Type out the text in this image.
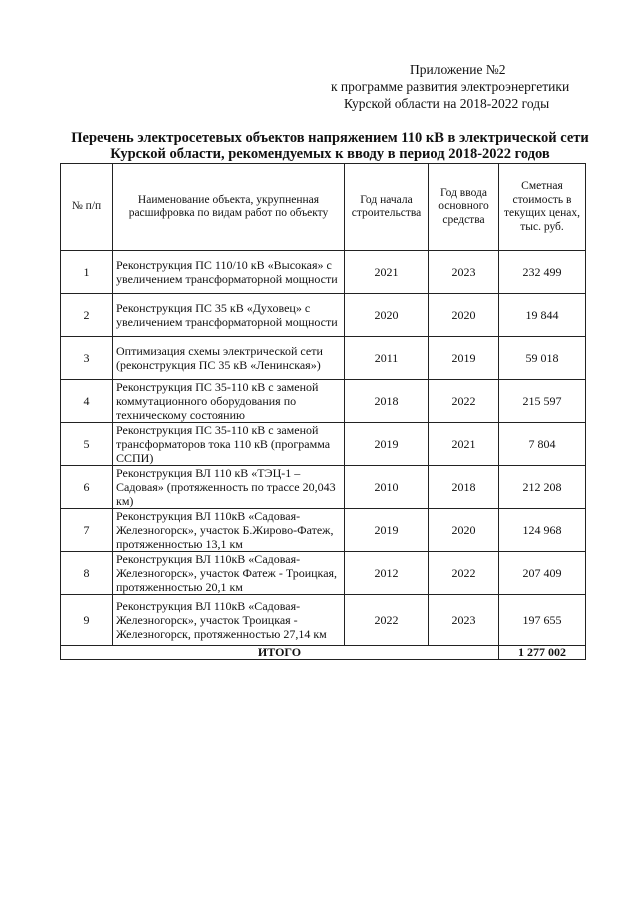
Приложение №2
к программе развития электроэнергетики
Курской области на 2018-2022 годы
Перечень электросетевых объектов напряжением 110 кВ в электрической сети
Курской области, рекомендуемых к вводу в период 2018-2022 годов
№ п/п	Наименование объекта, укрупненная расшифровка по видам работ по объекту	Год начала строительства	Год ввода основного средства	Сметная стоимость в текущих ценах, тыс. руб.
1	Реконструкция ПС 110/10 кВ «Высокая» с увеличением трансформаторной мощности	2021	2023	232 499
2	Реконструкция ПС 35 кВ «Духовец» с увеличением трансформаторной мощности	2020	2020	19 844
3	Оптимизация схемы электрической сети (реконструкция ПС 35 кВ «Ленинская»)	2011	2019	59 018
4	Реконструкция ПС 35-110 кВ с заменой коммутационного оборудования по техническому состоянию	2018	2022	215 597
5	Реконструкция ПС 35-110 кВ с заменой трансформаторов тока 110 кВ (программа ССПИ)	2019	2021	7 804
6	Реконструкция ВЛ 110 кВ «ТЭЦ-1 – Садовая» (протяженность по трассе 20,043 км)	2010	2018	212 208
7	Реконструкция ВЛ 110кВ «Садовая-Железногорск», участок Б.Жирово-Фатеж, протяженностью 13,1 км	2019	2020	124 968
8	Реконструкция ВЛ 110кВ «Садовая-Железногорск», участок Фатеж - Троицкая, протяженностью 20,1 км	2012	2022	207 409
9	Реконструкция ВЛ 110кВ «Садовая-Железногорск», участок Троицкая - Железногорск, протяженностью 27,14 км	2022	2023	197 655
ИТОГО				1 277 002
